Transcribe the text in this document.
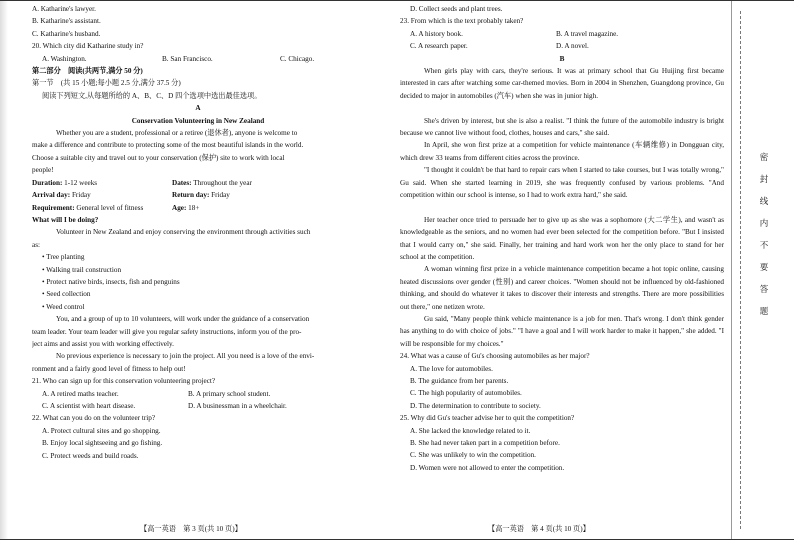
A. Katharine's lawyer.
B. Katharine's assistant.
C. Katharine's husband.
20. Which city did Katharine study in?
A. Washington.	B. San Francisco.	C. Chicago.
第二部分　阅读(共两节,满分 50 分)
第一节　(共 15 小题;每小题 2.5 分,满分 37.5 分)
阅读下列短文,从每题所给的 A、B、C、D 四个选项中选出最佳选项。
A
Conservation Volunteering in New Zealand
Whether you are a student, professional or a retiree (退休者), anyone is welcome to
make a difference and contribute to protecting some of the most beautiful islands in the world.
Choose a suitable city and travel out to your conservation (保护) site to work with local
people!
Duration: 1-12 weeks	Dates: Throughout the year
Arrival day: Friday	Return day: Friday
Requirement: General level of fitness	Age: 18+
What will I be doing?
Volunteer in New Zealand and enjoy conserving the environment through activities such
as:
• Tree planting
• Walking trail construction
• Protect native birds, insects, fish and penguins
• Seed collection
• Weed control
You, and a group of up to 10 volunteers, will work under the guidance of a conservation
team leader. Your team leader will give you regular safety instructions, inform you of the pro-
ject aims and assist you with working effectively.
No previous experience is necessary to join the project. All you need is a love of the envi-
ronment and a fairly good level of fitness to help out!
21. Who can sign up for this conservation volunteering project?
A. A retired maths teacher.	B. A primary school student.
C. A scientist with heart disease.	D. A businessman in a wheelchair.
22. What can you do on the volunteer trip?
A. Protect cultural sites and go shopping.
B. Enjoy local sightseeing and go fishing.
C. Protect weeds and build roads.
【高一英语　第 3 页(共 10 页)】
D. Collect seeds and plant trees.
23. From which is the text probably taken?
A. A history book.	B. A travel magazine.
C. A research paper.	D. A novel.
B
When girls play with cars, they're serious. It was at primary school that Gu Huijing first became interested in cars after watching some car-themed movies. Born in 2004 in Shenzhen, Guangdong province, Gu decided to major in automobiles (汽车) when she was in junior high.
She's driven by interest, but she is also a realist. "I think the future of the automobile industry is bright because we cannot live without food, clothes, houses and cars," she said.
In April, she won first prize at a competition for vehicle maintenance (车辆维修) in Dongguan city, which drew 33 teams from different cities across the province.
"I thought it couldn't be that hard to repair cars when I started to take courses, but I was totally wrong," Gu said. When she started learning in 2019, she was frequently confused by various problems. "And competition within our school is intense, so I had to work extra hard," she said.
Her teacher once tried to persuade her to give up as she was a sophomore (大二学生), and wasn't as knowledgeable as the seniors, and no women had ever been selected for the competition before. "But I insisted that I would carry on," she said. Finally, her training and hard work won her the only place to stand for her school at the competition.
A woman winning first prize in a vehicle maintenance competition became a hot topic online, causing heated discussions over gender (性别) and career choices. "Women should not be influenced by old-fashioned thinking, and should do whatever it takes to discover their interests and strengths. There are more possibilities out there," one netizen wrote.
Gu said, "Many people think vehicle maintenance is a job for men. That's wrong. I don't think gender has anything to do with choice of jobs." "I have a goal and I will work harder to make it happen," she added. "I will be responsible for my choices."
24. What was a cause of Gu's choosing automobiles as her major?
A. The love for automobiles.
B. The guidance from her parents.
C. The high popularity of automobiles.
D. The determination to contribute to society.
25. Why did Gu's teacher advise her to quit the competition?
A. She lacked the knowledge related to it.
B. She had never taken part in a competition before.
C. She was unlikely to win the competition.
D. Women were not allowed to enter the competition.
【高一英语　第 4 页(共 10 页)】
密
封
线
内
不
要
答
题
